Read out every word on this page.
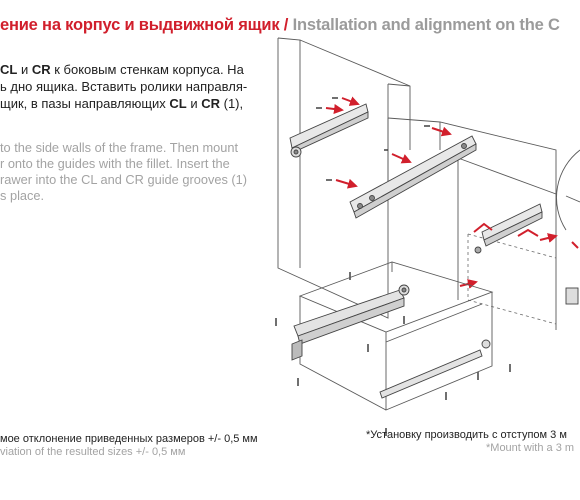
ение на корпус и выдвижной ящик / Installation and alignment on the C

CL и CR к боковым стенкам корпуса. На

ь дно ящика. Вставить ролики направля-

щик, в пазы направляющих CL и CR (1),

to the side walls of the frame. Then mount

r onto the guides with the fillet. Insert the

rawer into the CL and CR guide grooves (1)

s place.

мое отклонение приведенных размеров +/- 0,5 мм
viation of the resulted sizes +/- 0,5 мм
*Установку производить с отступом 3 м
*Mount with a 3 m
